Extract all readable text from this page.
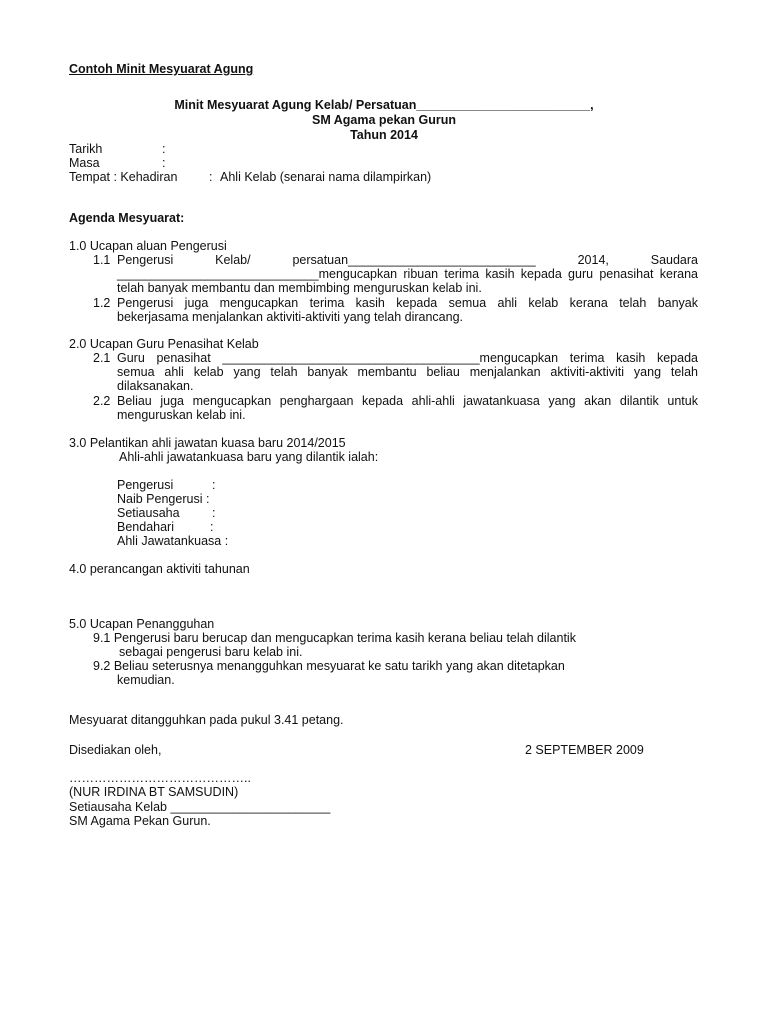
Contoh Minit Mesyuarat Agung
Minit Mesyuarat Agung Kelab/ Persatuan_________________________,
SM Agama pekan Gurun
Tahun 2014
Tarikh	:
Masa	:
Tempat : Kehadiran	: Ahli Kelab (senarai nama dilampirkan)
Agenda Mesyuarat:
1.0 Ucapan aluan Pengerusi
1.1 Pengerusi Kelab/ persatuan___________________________ 2014, Saudara
_____________________________mengucapkan ribuan terima kasih kepada guru penasihat kerana
telah banyak membantu dan membimbing menguruskan kelab ini.
1.2 Pengerusi juga mengucapkan terima kasih kepada semua ahli kelab kerana telah banyak
bekerjasama menjalankan aktiviti-aktiviti yang telah dirancang.
2.0 Ucapan Guru Penasihat Kelab
2.1 Guru penasihat _____________________________________mengucapkan terima kasih kepada
semua ahli kelab yang telah banyak membantu beliau menjalankan aktiviti-aktiviti yang telah
dilaksanakan.
2.2 Beliau juga mengucapkan penghargaan kepada ahli-ahli jawatankuasa yang akan dilantik untuk
menguruskan kelab ini.
3.0 Pelantikan ahli jawatan kuasa baru 2014/2015
Ahli-ahli jawatankuasa baru yang dilantik ialah:
Pengerusi	:
Naib Pengerusi :
Setiausaha	:
Bendahari	:
Ahli Jawatankuasa :
4.0 perancangan aktiviti tahunan
5.0 Ucapan Penangguhan
9.1 Pengerusi baru berucap dan mengucapkan terima kasih kerana beliau telah dilantik
sebagai pengerusi baru kelab ini.
9.2 Beliau seterusnya menangguhkan mesyuarat ke satu tarikh yang akan ditetapkan
kemudian.
Mesyuarat ditangguhkan pada pukul 3.41 petang.
Disediakan oleh,	2 SEPTEMBER 2009
……………………………………..
(NUR IRDINA BT SAMSUDIN)
Setiausaha Kelab _______________________
SM Agama Pekan Gurun.
